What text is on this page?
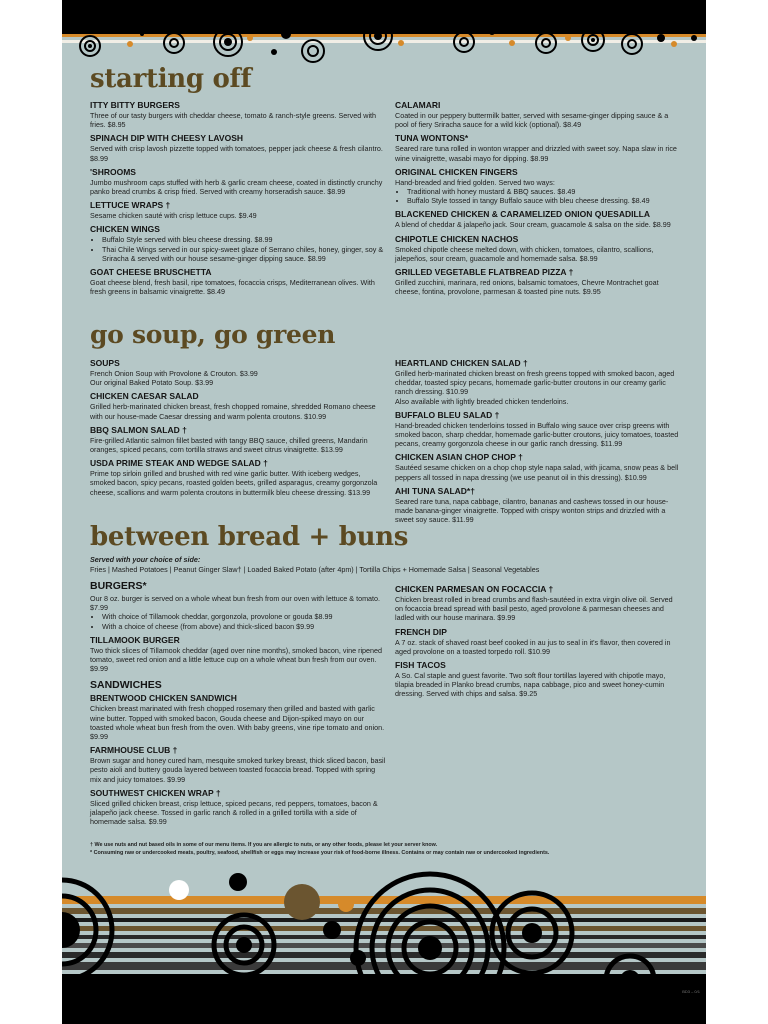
starting off
ITTY BITTY BURGERS
Three of our tasty burgers with cheddar cheese, tomato & ranch-style greens. Served with fries. $8.95
SPINACH DIP WITH CHEESY LAVOSH
Served with crisp lavosh pizzette topped with tomatoes, pepper jack cheese & fresh cilantro. $8.99
'SHROOMS
Jumbo mushroom caps stuffed with herb & garlic cream cheese, coated in distinctly crunchy panko bread crumbs & crisp fried. Served with creamy horseradish sauce. $8.99
LETTUCE WRAPS †
Sesame chicken sauté with crisp lettuce cups. $9.49
CHICKEN WINGS
• Buffalo Style served with bleu cheese dressing. $8.99
• Thai Chile Wings served in our spicy-sweet glaze of Serrano chiles, honey, ginger, soy & Sriracha & served with our house sesame-ginger dipping sauce. $8.99
GOAT CHEESE BRUSCHETTA
Goat cheese blend, fresh basil, ripe tomatoes, focaccia crisps, Mediterranean olives. With fresh greens in balsamic vinaigrette. $8.49
CALAMARI
Coated in our peppery buttermilk batter, served with sesame-ginger dipping sauce & a pool of fiery Sriracha sauce for a wild kick (optional). $8.49
TUNA WONTONS*
Seared rare tuna rolled in wonton wrapper and drizzled with sweet soy. Napa slaw in rice wine vinaigrette, wasabi mayo for dipping. $8.99
ORIGINAL CHICKEN FINGERS
Hand-breaded and fried golden. Served two ways:
• Traditional with honey mustard & BBQ sauces. $8.49
• Buffalo Style tossed in tangy Buffalo sauce with bleu cheese dressing. $8.49
BLACKENED CHICKEN & CARAMELIZED ONION QUESADILLA
A blend of cheddar & jalapeño jack. Sour cream, guacamole & salsa on the side. $8.99
CHIPOTLE CHICKEN NACHOS
Smoked chipotle cheese melted down, with chicken, tomatoes, cilantro, scallions, jalepeños, sour cream, guacamole and homemade salsa. $8.99
GRILLED VEGETABLE FLATBREAD PIZZA †
Grilled zucchini, marinara, red onions, balsamic tomatoes, Chevre Montrachet goat cheese, fontina, provolone, parmesan & toasted pine nuts. $9.95
go soup, go green
SOUPS
French Onion Soup with Provolone & Crouton. $3.99
Our original Baked Potato Soup. $3.99
CHICKEN CAESAR SALAD
Grilled herb-marinated chicken breast, fresh chopped romaine, shredded Romano cheese with our house-made Caesar dressing and warm polenta croutons. $10.99
BBQ SALMON SALAD †
Fire-grilled Atlantic salmon fillet basted with tangy BBQ sauce, chilled greens, Mandarin oranges, spiced pecans, corn tortilla straws and sweet citrus vinaigrette. $13.99
USDA PRIME STEAK AND WEDGE SALAD †
Prime top sirloin grilled and brushed with red wine garlic butter. With iceberg wedges, smoked bacon, spicy pecans, roasted golden beets, grilled asparagus, creamy gorgonzola cheese, scallions and warm polenta croutons in buttermilk bleu cheese dressing. $13.99
HEARTLAND CHICKEN SALAD †
Grilled herb-marinated chicken breast on fresh greens topped with smoked bacon, aged cheddar, toasted spicy pecans, homemade garlic-butter croutons in our creamy garlic ranch dressing. $10.99
Also available with lightly breaded chicken tenderloins.
BUFFALO BLEU SALAD †
Hand-breaded chicken tenderloins tossed in Buffalo wing sauce over crisp greens with smoked bacon, sharp cheddar, homemade garlic-butter croutons, juicy tomatoes, toasted pecans, creamy gorgonzola cheese in our garlic ranch dressing. $11.99
CHICKEN ASIAN CHOP CHOP †
Sautéed sesame chicken on a chop chop style napa salad, with jicama, snow peas & bell peppers all tossed in napa dressing (we use peanut oil in this dressing). $10.99
AHI TUNA SALAD*†
Seared rare tuna, napa cabbage, cilantro, bananas and cashews tossed in our house-made banana-ginger vinaigrette. Topped with crispy wonton strips and drizzled with a sweet soy sauce. $11.99
between bread + buns
Served with your choice of side:
Fries | Mashed Potatoes | Peanut Ginger Slaw† | Loaded Baked Potato (after 4pm) | Tortilla Chips + Homemade Salsa | Seasonal Vegetables
BURGERS*
Our 8 oz. burger is served on a whole wheat bun fresh from our oven with lettuce & tomato. $7.99
• With choice of Tillamook cheddar, gorgonzola, provolone or gouda $8.99
• With a choice of cheese (from above) and thick-sliced bacon $9.99
TILLAMOOK BURGER
Two thick slices of Tillamook cheddar (aged over nine months), smoked bacon, vine ripened tomato, sweet red onion and a little lettuce cup on a whole wheat bun fresh from our oven. $9.99
SANDWICHES
BRENTWOOD CHICKEN SANDWICH
Chicken breast marinated with fresh chopped rosemary then grilled and basted with garlic wine butter. Topped with smoked bacon, Gouda cheese and Dijon-spiked mayo on our toasted whole wheat bun fresh from the oven. With baby greens, vine ripe tomato and onion. $9.99
FARMHOUSE CLUB †
Brown sugar and honey cured ham, mesquite smoked turkey breast, thick sliced bacon, basil pesto aioli and buttery gouda layered between toasted focaccia bread. Topped with spring mix and juicy tomatoes. $9.99
SOUTHWEST CHICKEN WRAP †
Sliced grilled chicken breast, crisp lettuce, spiced pecans, red peppers, tomatoes, bacon & jalapeño jack cheese. Tossed in garlic ranch & rolled in a grilled tortilla with a side of homemade salsa. $9.99
CHICKEN PARMESAN ON FOCACCIA †
Chicken breast rolled in bread crumbs and flash-sautéed in extra virgin olive oil. Served on focaccia bread spread with basil pesto, aged provolone & parmesan cheeses and ladled with our house marinara. $9.99
FRENCH DIP
A 7 oz. stack of shaved roast beef cooked in au jus to seal in it's flavor, then covered in aged provolone on a toasted torpedo roll. $10.99
FISH TACOS
A So. Cal staple and guest favorite. Two soft flour tortillas layered with chipotle mayo, tilapia breaded in Planko bread crumbs, napa cabbage, pico and sweet honey-cumin dressing. Served with chips and salsa. $9.25
† We use nuts and nut based oils in some of our menu items. If you are allergic to nuts, or any other foods, please let your server know.
* Consuming raw or undercooked meats, poultry, seafood, shellfish or eggs may increase your risk of food-borne illness. Contains or may contain raw or undercooked ingredients.
BD3 – 0/1
